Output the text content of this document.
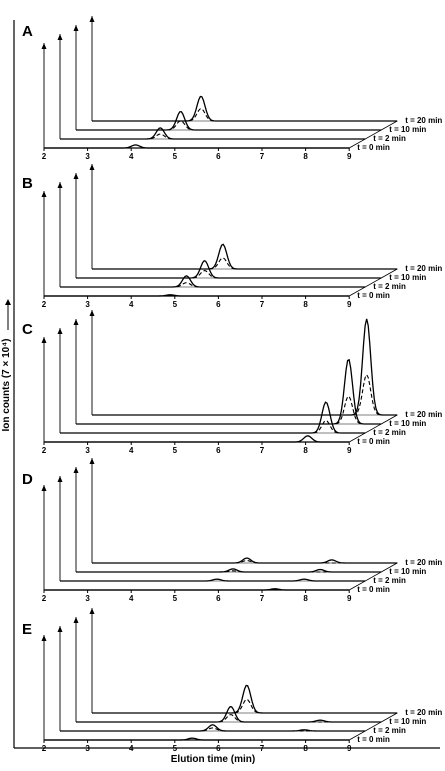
Elution time (min)
Ion counts (7 × 10⁴)
A
t = 20 min
t = 10 min
t = 2 min
t = 0 min
2	3	4	5	6	7	8	9
B
t = 20 min
t = 10 min
t = 2 min
t = 0 min
2	3	4	5	6	7	8	9
C
t = 20 min
t = 10 min
t = 2 min
t = 0 min
2	3	4	5	6	7	8	9
D
t = 20 min
t = 10 min
t = 2 min
t = 0 min
2	3	4	5	6	7	8	9
E
t = 20 min
t = 10 min
t = 2 min
t = 0 min
2	3	4	5	6	7	8	9
